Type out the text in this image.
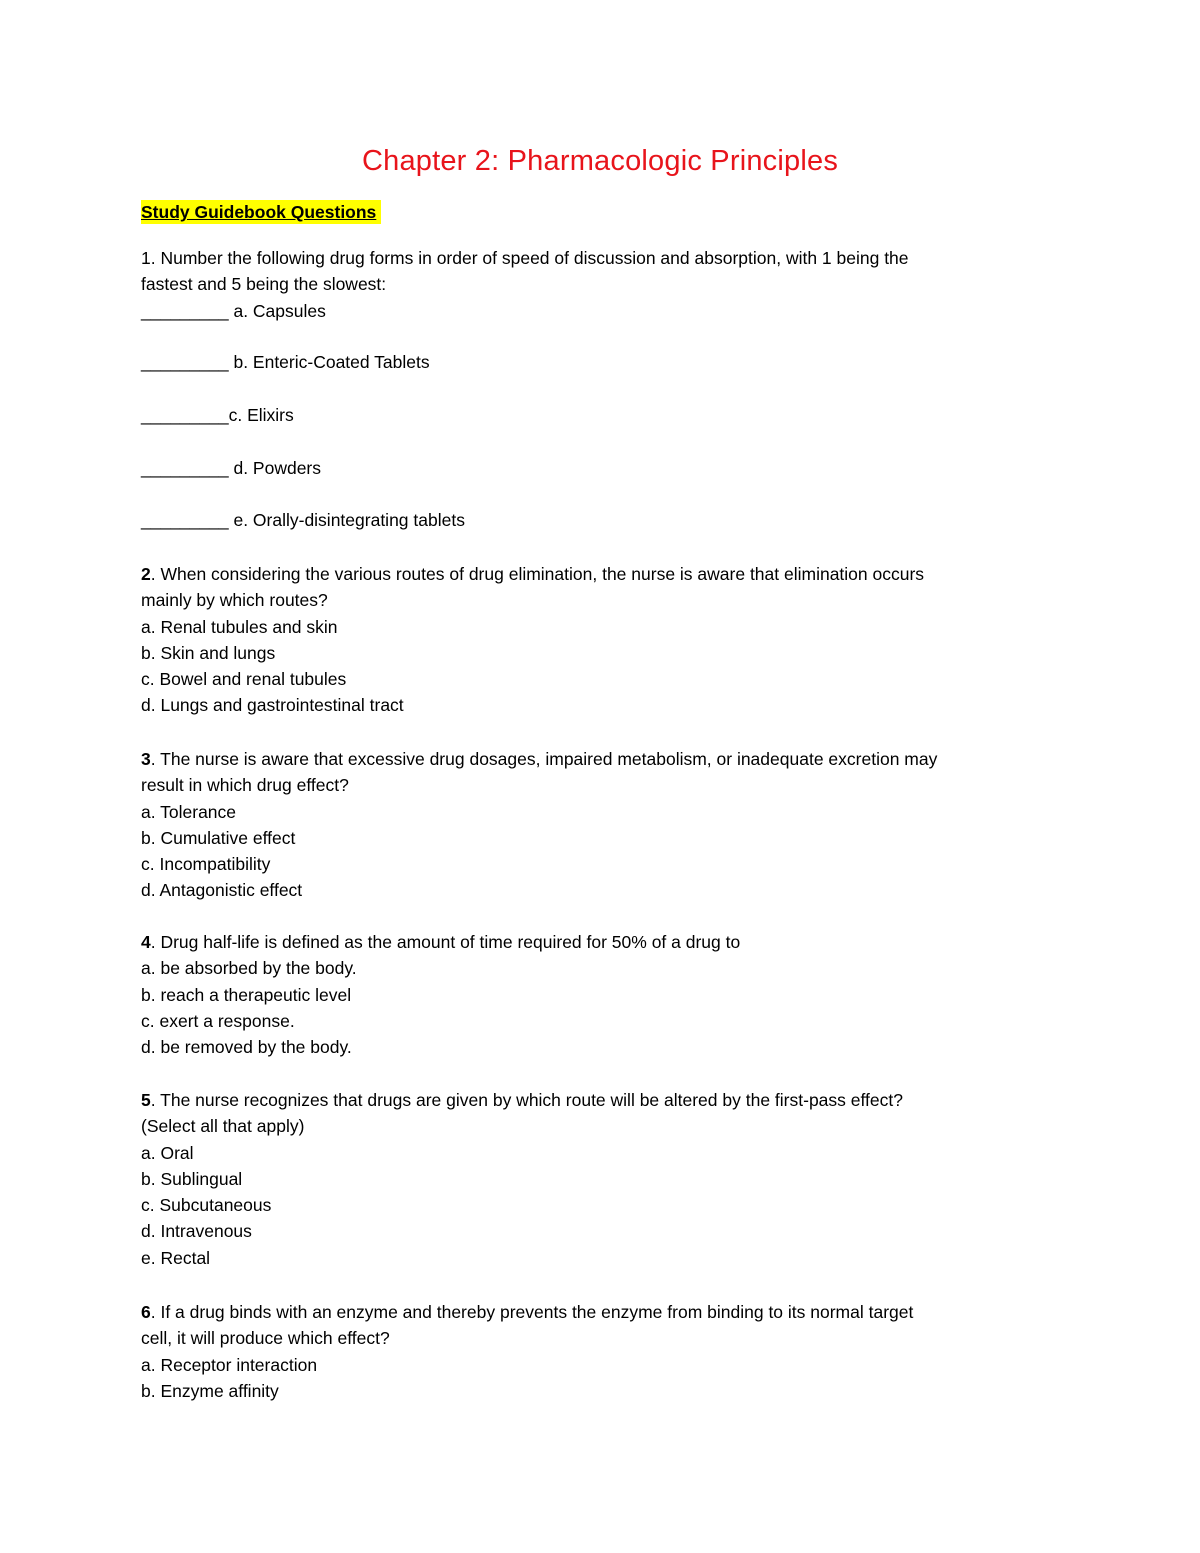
Chapter 2: Pharmacologic Principles
Study Guidebook Questions
1. Number the following drug forms in order of speed of discussion and absorption, with 1 being the
fastest and 5 being the slowest:
_________ a. Capsules
_________ b. Enteric-Coated Tablets
_________c. Elixirs
_________ d. Powders
_________ e. Orally-disintegrating tablets
2. When considering the various routes of drug elimination, the nurse is aware that elimination occurs
mainly by which routes?
a. Renal tubules and skin
b. Skin and lungs
c. Bowel and renal tubules
d. Lungs and gastrointestinal tract
3. The nurse is aware that excessive drug dosages, impaired metabolism, or inadequate excretion may
result in which drug effect?
a. Tolerance
b. Cumulative effect
c. Incompatibility
d. Antagonistic effect
4. Drug half-life is defined as the amount of time required for 50% of a drug to
a. be absorbed by the body.
b. reach a therapeutic level
c. exert a response.
d. be removed by the body.
5. The nurse recognizes that drugs are given by which route will be altered by the first-pass effect?
(Select all that apply)
a. Oral
b. Sublingual
c. Subcutaneous
d. Intravenous
e. Rectal
6. If a drug binds with an enzyme and thereby prevents the enzyme from binding to its normal target
cell, it will produce which effect?
a. Receptor interaction
b. Enzyme affinity
